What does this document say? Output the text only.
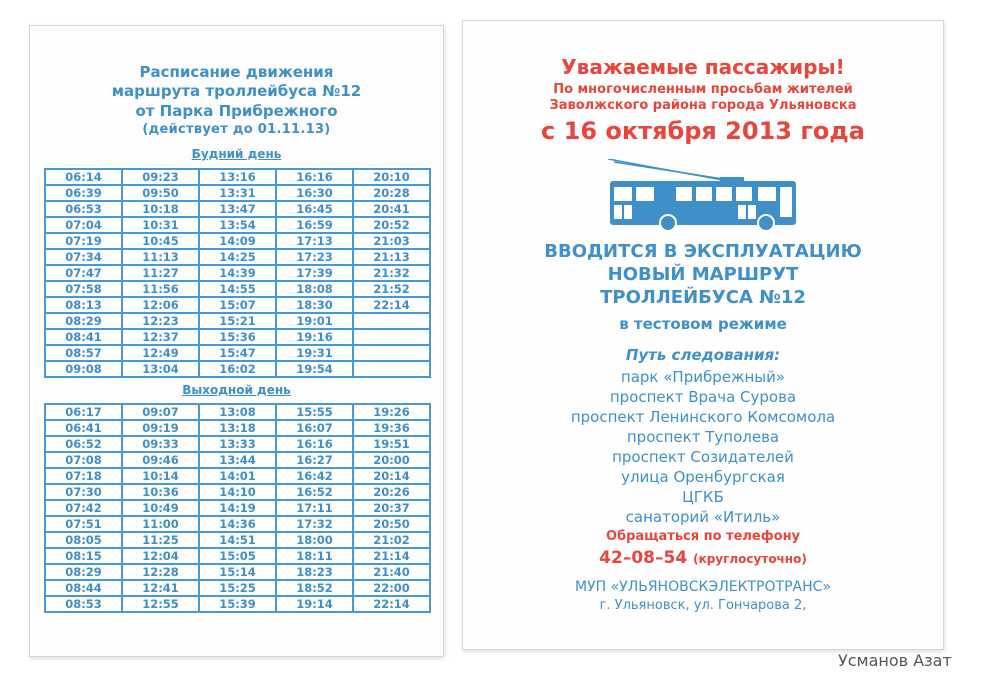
Расписание движения
маршрута троллейбуса №12
от Парка Прибрежного
(действует до 01.11.13)
Будний день
06:14	09:23	13:16	16:16	20:10
06:39	09:50	13:31	16:30	20:28
06:53	10:18	13:47	16:45	20:41
07:04	10:31	13:54	16:59	20:52
07:19	10:45	14:09	17:13	21:03
07:34	11:13	14:25	17:23	21:13
07:47	11:27	14:39	17:39	21:32
07:58	11:56	14:55	18:08	21:52
08:13	12:06	15:07	18:30	22:14
08:29	12:23	15:21	19:01	
08:41	12:37	15:36	19:16	
08:57	12:49	15:47	19:31	
09:08	13:04	16:02	19:54	
Выходной день
06:17	09:07	13:08	15:55	19:26
06:41	09:19	13:18	16:07	19:36
06:52	09:33	13:33	16:16	19:51
07:08	09:46	13:44	16:27	20:00
07:18	10:14	14:01	16:42	20:14
07:30	10:36	14:10	16:52	20:26
07:42	10:49	14:19	17:11	20:37
07:51	11:00	14:36	17:32	20:50
08:05	11:25	14:51	18:00	21:02
08:15	12:04	15:05	18:11	21:14
08:29	12:28	15:14	18:23	21:40
08:44	12:41	15:25	18:52	22:00
08:53	12:55	15:39	19:14	22:14
Уважаемые пассажиры!
По многочисленным просьбам жителей
Заволжского района города Ульяновска
с 16 октября 2013 года
ВВОДИТСЯ В ЭКСПЛУАТАЦИЮ
НОВЫЙ МАРШРУТ
ТРОЛЛЕЙБУСА №12
в тестовом режиме
Путь следования:
парк «Прибрежный»
проспект Врача Сурова
проспект Ленинского Комсомола
проспект Туполева
проспект Созидателей
улица Оренбургская
ЦГКБ
санаторий «Итиль»
Обращаться по телефону
42–08–54 (круглосуточно)
МУП «УЛЬЯНОВСКЭЛЕКТРОТРАНС»
г. Ульяновск, ул. Гончарова 2,
Усманов Азат
